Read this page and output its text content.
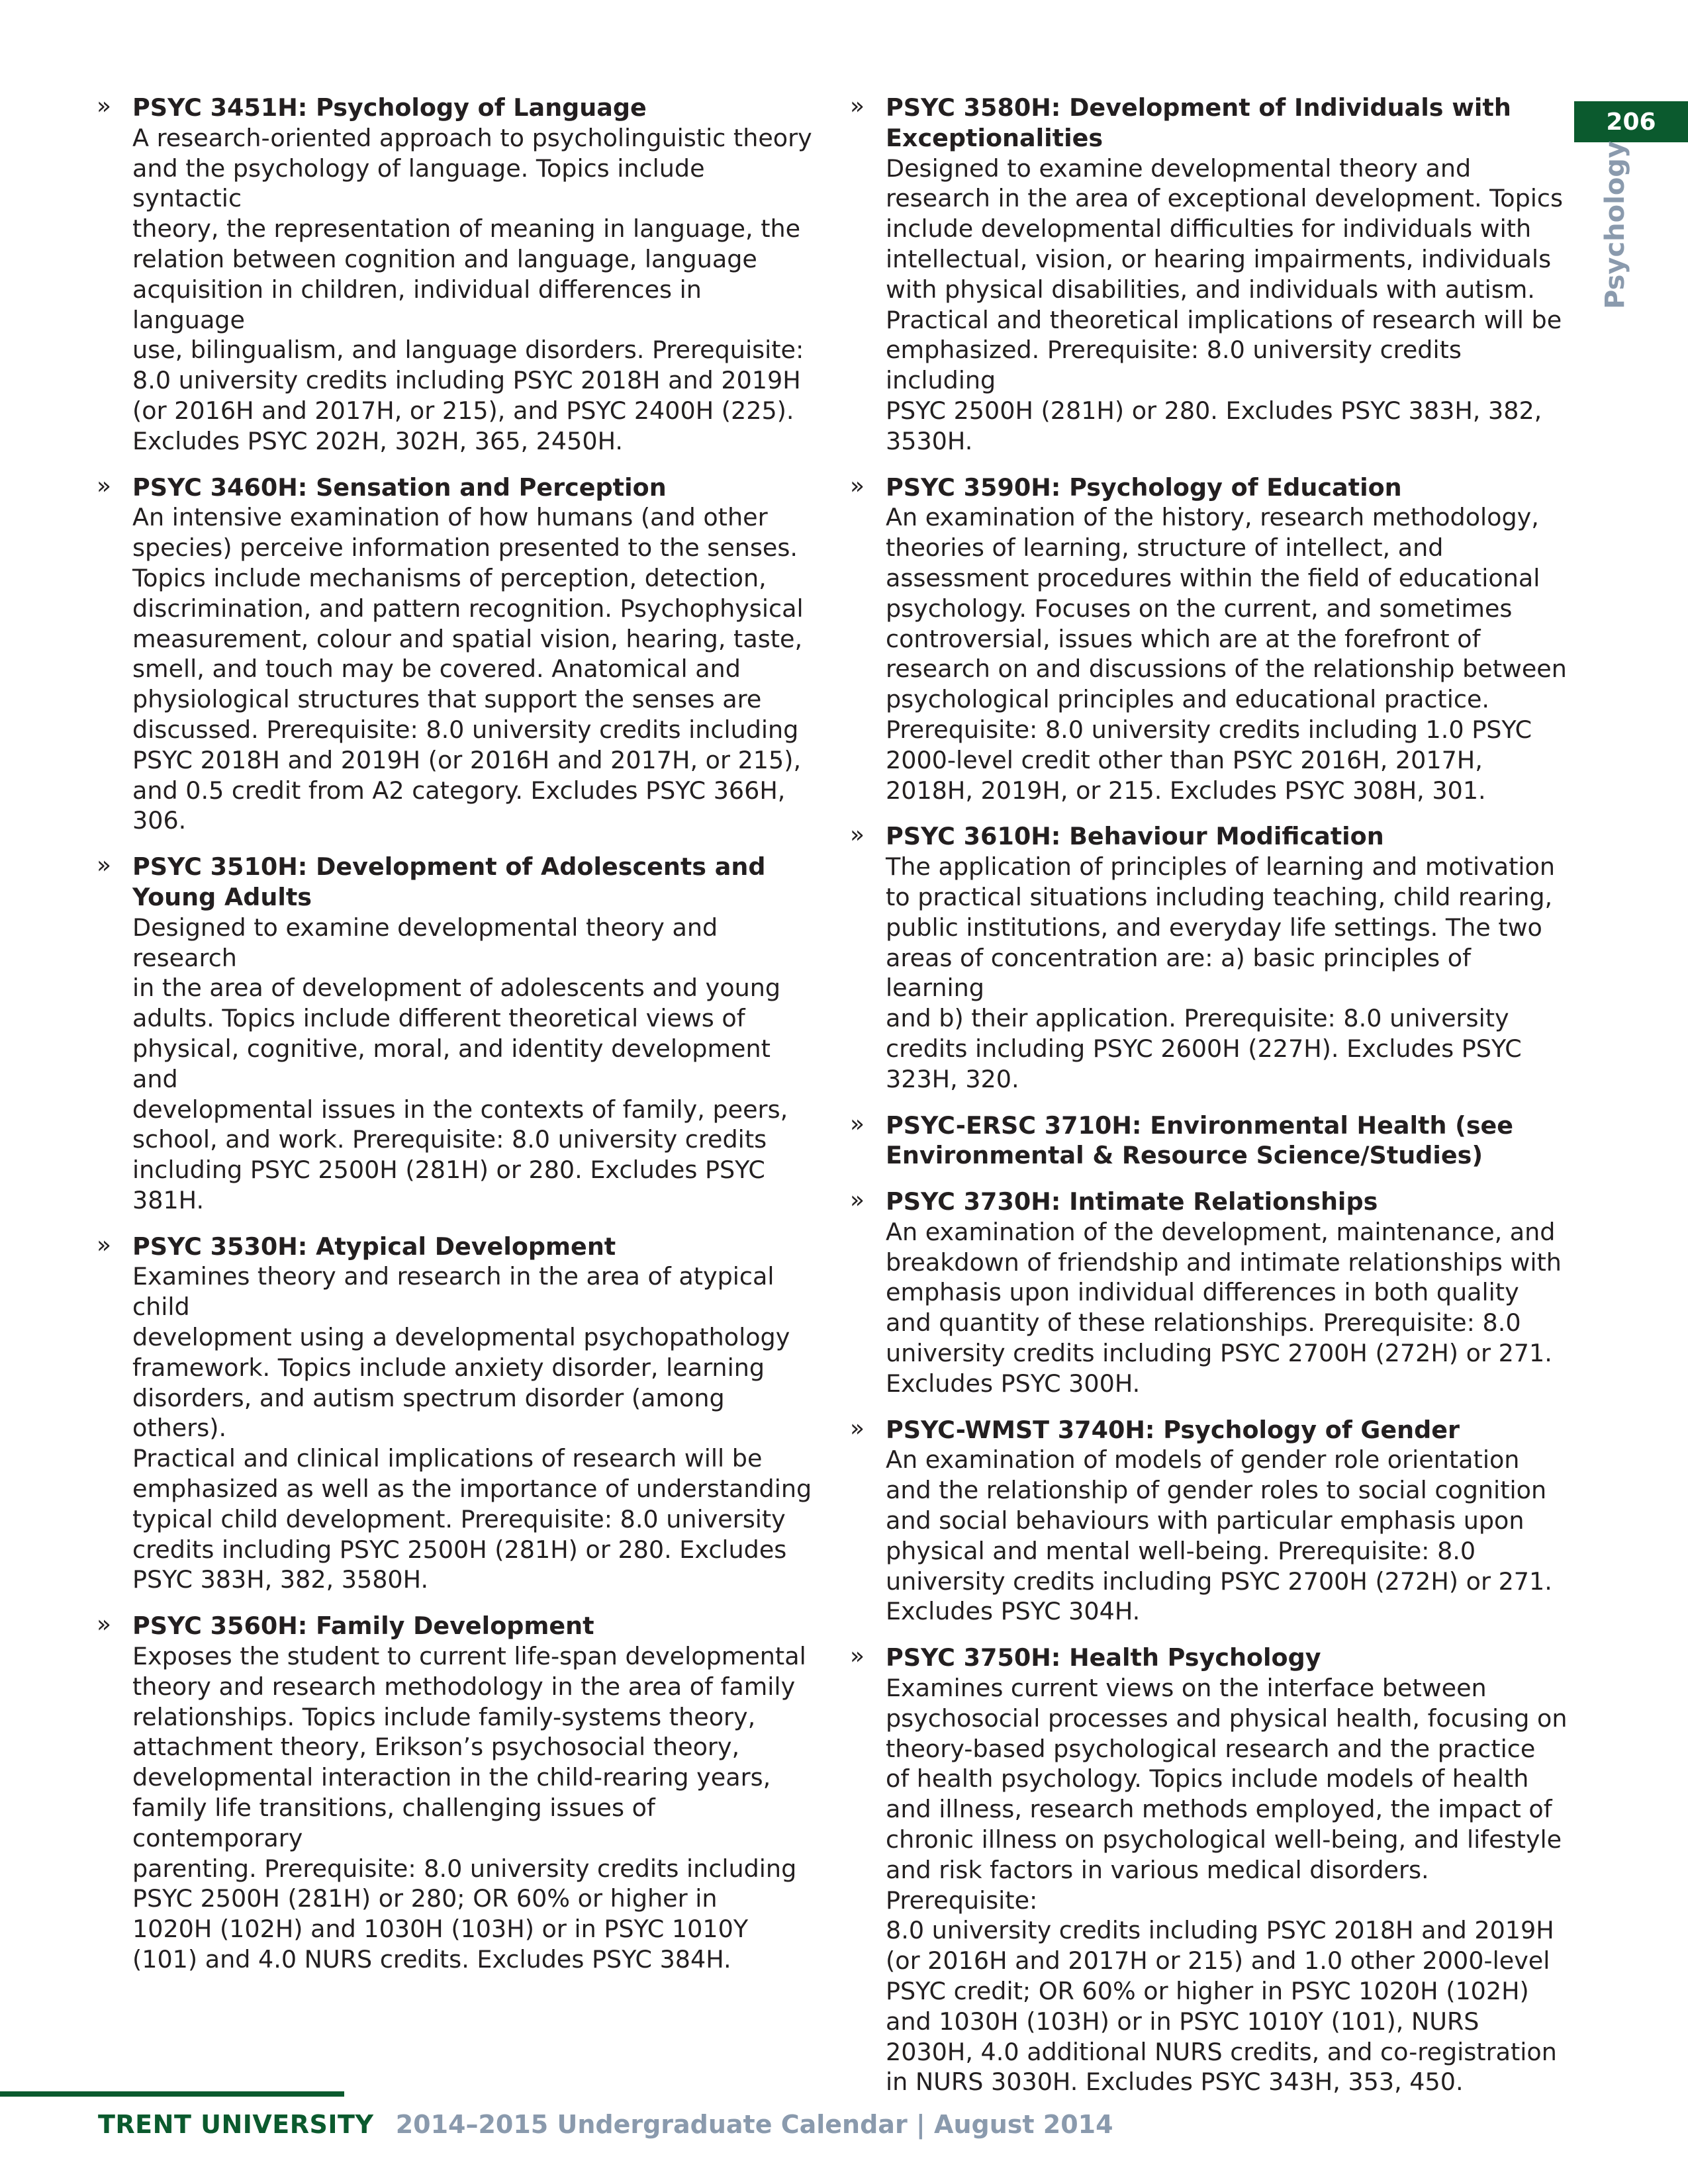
206
Psychology
» PSYC 3451H: Psychology of Language
A research-oriented approach to psycholinguistic theory
and the psychology of language. Topics include syntactic
theory, the representation of meaning in language, the
relation between cognition and language, language
acquisition in children, individual differences in language
use, bilingualism, and language disorders. Prerequisite:
8.0 university credits including PSYC 2018H and 2019H
(or 2016H and 2017H, or 215), and PSYC 2400H (225).
Excludes PSYC 202H, 302H, 365, 2450H.
» PSYC 3460H: Sensation and Perception
An intensive examination of how humans (and other
species) perceive information presented to the senses.
Topics include mechanisms of perception, detection,
discrimination, and pattern recognition. Psychophysical
measurement, colour and spatial vision, hearing, taste,
smell, and touch may be covered. Anatomical and
physiological structures that support the senses are
discussed. Prerequisite: 8.0 university credits including
PSYC 2018H and 2019H (or 2016H and 2017H, or 215),
and 0.5 credit from A2 category. Excludes PSYC 366H,
306.
» PSYC 3510H: Development of Adolescents and
Young Adults
Designed to examine developmental theory and research
in the area of development of adolescents and young
adults. Topics include different theoretical views of
physical, cognitive, moral, and identity development and
developmental issues in the contexts of family, peers,
school, and work. Prerequisite: 8.0 university credits
including PSYC 2500H (281H) or 280. Excludes PSYC
381H.
» PSYC 3530H: Atypical Development
Examines theory and research in the area of atypical child
development using a developmental psychopathology
framework. Topics include anxiety disorder, learning
disorders, and autism spectrum disorder (among others).
Practical and clinical implications of research will be
emphasized as well as the importance of understanding
typical child development. Prerequisite: 8.0 university
credits including PSYC 2500H (281H) or 280. Excludes
PSYC 383H, 382, 3580H.
» PSYC 3560H: Family Development
Exposes the student to current life-span developmental
theory and research methodology in the area of family
relationships. Topics include family-systems theory,
attachment theory, Erikson’s psychosocial theory,
developmental interaction in the child-rearing years,
family life transitions, challenging issues of contemporary
parenting. Prerequisite: 8.0 university credits including
PSYC 2500H (281H) or 280; OR 60% or higher in
1020H (102H) and 1030H (103H) or in PSYC 1010Y
(101) and 4.0 NURS credits. Excludes PSYC 384H.
» PSYC 3580H: Development of Individuals with
Exceptionalities
Designed to examine developmental theory and
research in the area of exceptional development. Topics
include developmental difficulties for individuals with
intellectual, vision, or hearing impairments, individuals
with physical disabilities, and individuals with autism.
Practical and theoretical implications of research will be
emphasized. Prerequisite: 8.0 university credits including
PSYC 2500H (281H) or 280. Excludes PSYC 383H, 382,
3530H.
» PSYC 3590H: Psychology of Education
An examination of the history, research methodology,
theories of learning, structure of intellect, and
assessment procedures within the field of educational
psychology. Focuses on the current, and sometimes
controversial, issues which are at the forefront of
research on and discussions of the relationship between
psychological principles and educational practice.
Prerequisite: 8.0 university credits including 1.0 PSYC
2000-level credit other than PSYC 2016H, 2017H,
2018H, 2019H, or 215. Excludes PSYC 308H, 301.
» PSYC 3610H: Behaviour Modification
The application of principles of learning and motivation
to practical situations including teaching, child rearing,
public institutions, and everyday life settings. The two
areas of concentration are: a) basic principles of learning
and b) their application. Prerequisite: 8.0 university
credits including PSYC 2600H (227H). Excludes PSYC
323H, 320.
» PSYC-ERSC 3710H: Environmental Health (see
Environmental & Resource Science/Studies)
» PSYC 3730H: Intimate Relationships
An examination of the development, maintenance, and
breakdown of friendship and intimate relationships with
emphasis upon individual differences in both quality
and quantity of these relationships. Prerequisite: 8.0
university credits including PSYC 2700H (272H) or 271.
Excludes PSYC 300H.
» PSYC-WMST 3740H: Psychology of Gender
An examination of models of gender role orientation
and the relationship of gender roles to social cognition
and social behaviours with particular emphasis upon
physical and mental well-being. Prerequisite: 8.0
university credits including PSYC 2700H (272H) or 271.
Excludes PSYC 304H.
» PSYC 3750H: Health Psychology
Examines current views on the interface between
psychosocial processes and physical health, focusing on
theory-based psychological research and the practice
of health psychology. Topics include models of health
and illness, research methods employed, the impact of
chronic illness on psychological well-being, and lifestyle
and risk factors in various medical disorders. Prerequisite:
8.0 university credits including PSYC 2018H and 2019H
(or 2016H and 2017H or 215) and 1.0 other 2000-level
PSYC credit; OR 60% or higher in PSYC 1020H (102H)
and 1030H (103H) or in PSYC 1010Y (101), NURS
2030H, 4.0 additional NURS credits, and co-registration
in NURS 3030H. Excludes PSYC 343H, 353, 450.
TRENT UNIVERSITY 2014–2015 Undergraduate Calendar | August 2014
